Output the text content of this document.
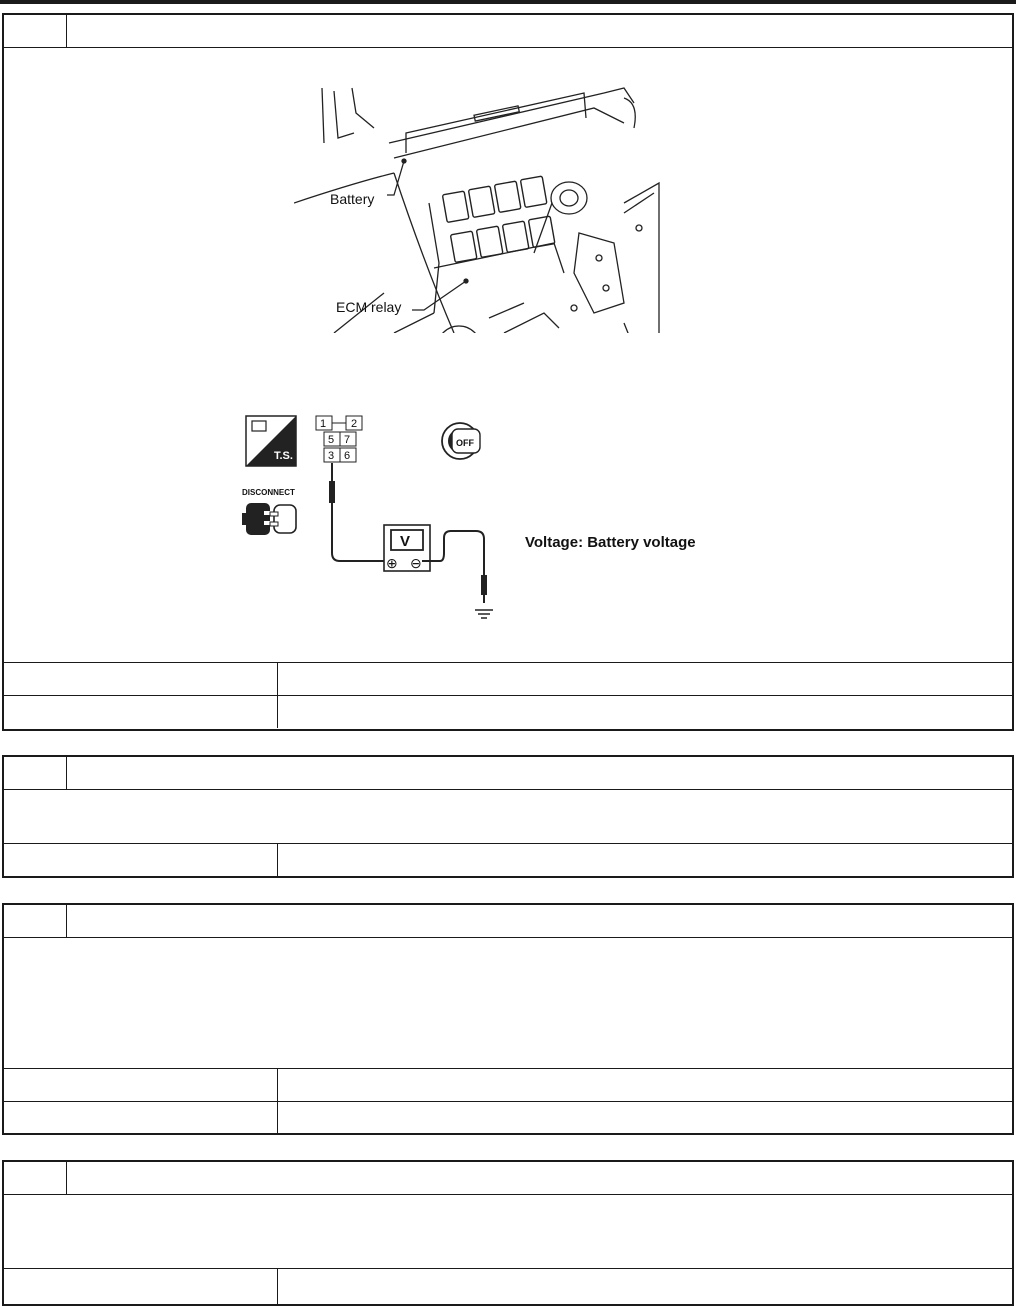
Battery
ECM relay
T.S.
DISCONNECT
1 2
5 7
3 6
V
⊕ ⊖
OFF
Voltage: Battery voltage
